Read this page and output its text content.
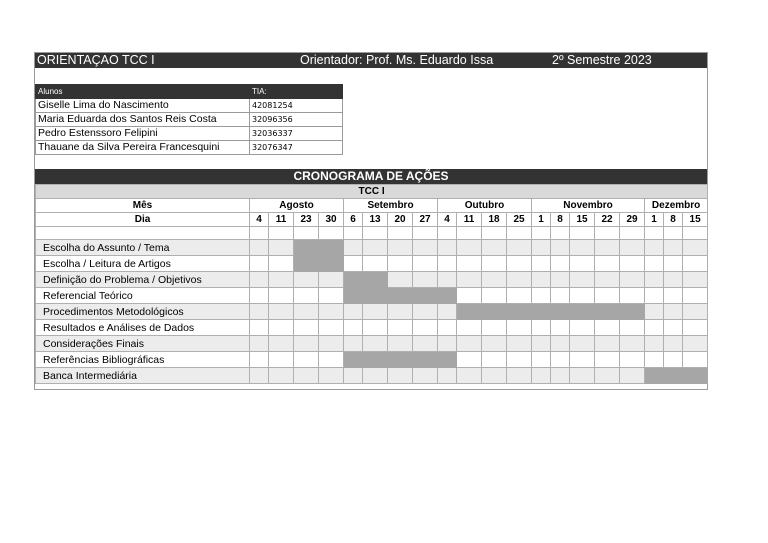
ORIENTAÇAO TCC I	Orientador: Prof. Ms. Eduardo Issa	2º Semestre 2023
Alunos	TIA:
Giselle Lima do Nascimento	42081254
Maria Eduarda dos Santos Reis Costa	32096356
Pedro Estenssoro Felipini	32036337
Thauane da Silva Pereira Francesquini	32076347
CRONOGRAMA DE AÇÕES
TCC I																				
Mês	Agosto				Setembro				Outubro				Novembro					Dezembro		
Dia	4	11	23	30	6	13	20	27	4	11	18	25	1	8	15	22	29	1	8	15

Escolha do Assunto / Tema																				
Escolha / Leitura de Artigos																				
Definição do Problema / Objetivos																				
Referencial Teórico																				
Procedimentos Metodológicos																				
Resultados e Análises de Dados																				
Considerações Finais																				
Referências Bibliográficas																				
Banca Intermediária																				
